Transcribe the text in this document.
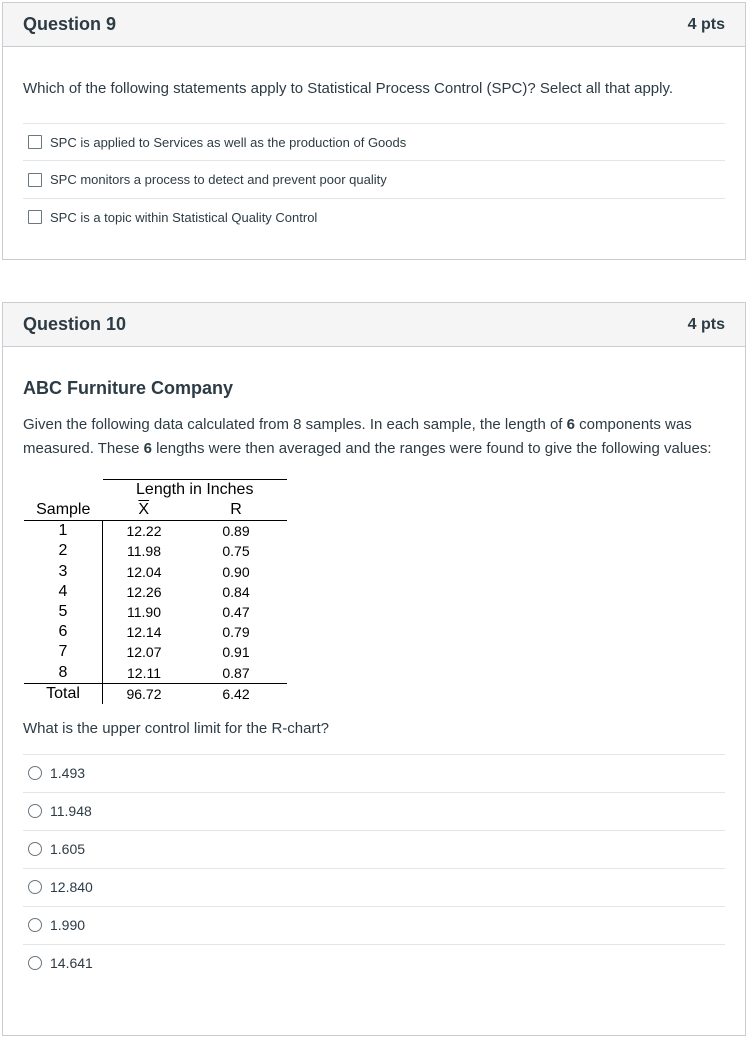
Question 9	4 pts
Which of the following statements apply to Statistical Process Control (SPC)? Select all that apply.
SPC is applied to Services as well as the production of Goods
SPC monitors a process to detect and prevent poor quality
SPC is a topic within Statistical Quality Control
Question 10	4 pts
ABC Furniture Company
Given the following data calculated from 8 samples. In each sample, the length of 6 components was measured. These 6 lengths were then averaged and the ranges were found to give the following values:
	Length in Inches	
Sample	$\overline{X}$	R
1	12.22	0.89
2	11.98	0.75
3	12.04	0.90
4	12.26	0.84
5	11.90	0.47
6	12.14	0.79
7	12.07	0.91
8	12.11	0.87
Total	96.72	6.42
What is the upper control limit for the R-chart?
1.493
11.948
1.605
12.840
1.990
14.641
